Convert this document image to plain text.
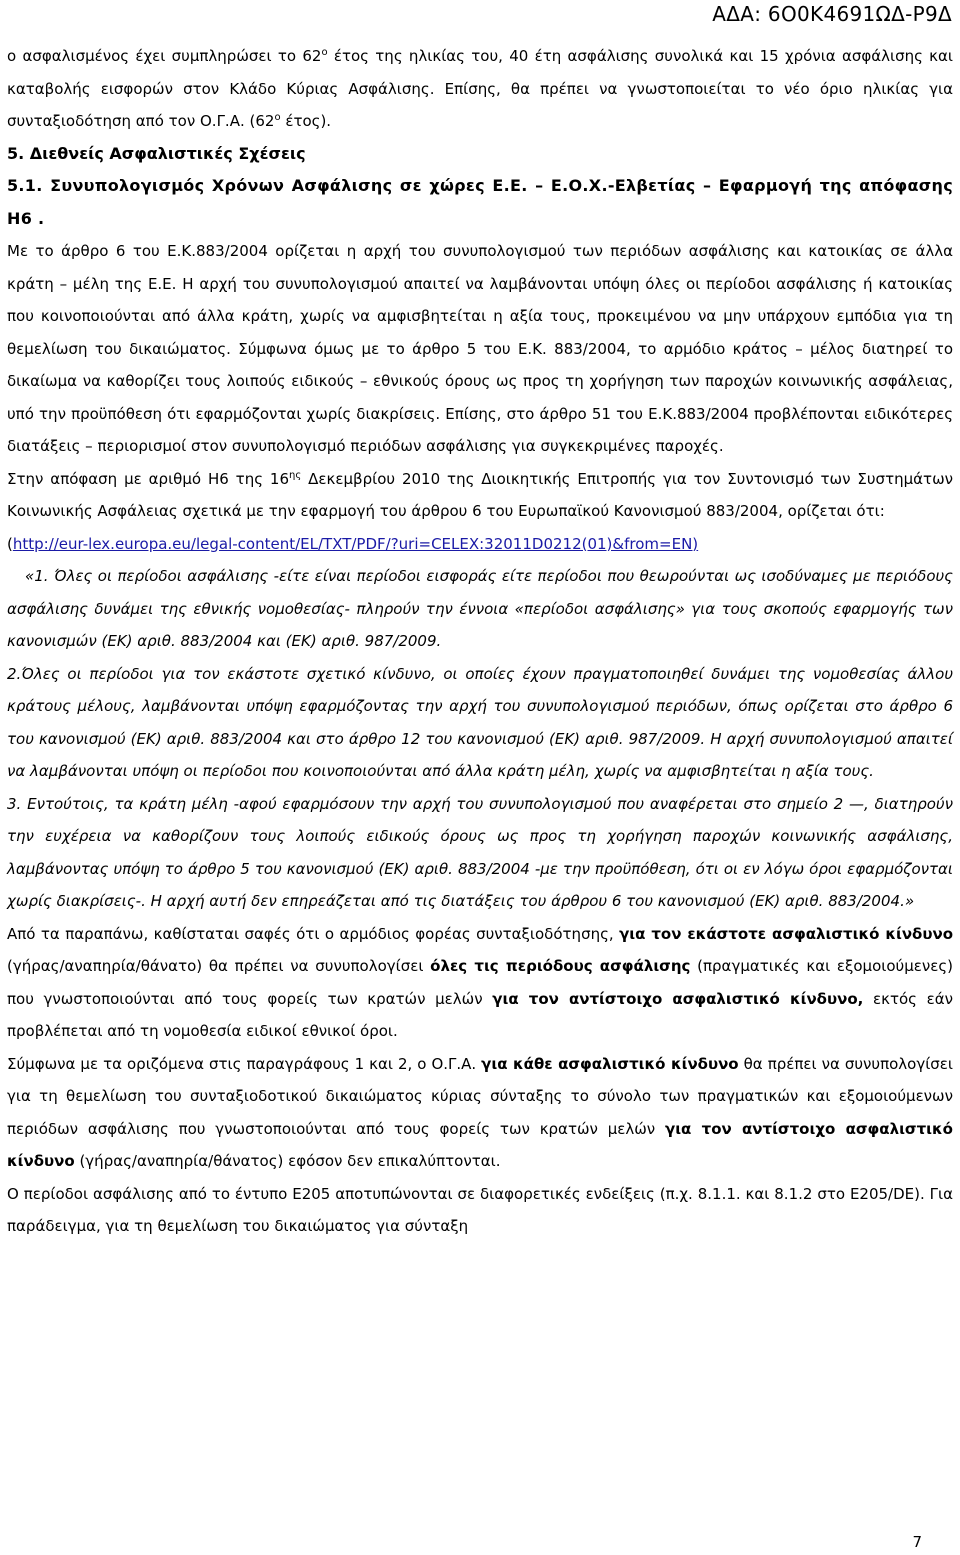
ΑΔΑ: 6Ο0Κ4691ΩΔ-Ρ9Δ

ο ασφαλισμένος έχει συμπληρώσει το $62^o$ έτος της ηλικίας του, 40 έτη ασφάλισης συνολικά και 15 χρόνια ασφάλισης και καταβολής εισφορών στον Κλάδο Κύριας Ασφάλισης. Επίσης, θα πρέπει να γνωστοποιείται το νέο όριο ηλικίας για συνταξιοδότηση από τον Ο.Γ.Α. ($62^o$ έτος).

5. Διεθνείς Ασφαλιστικές Σχέσεις

5.1. Συνυπολογισμός Χρόνων Ασφάλισης σε χώρες Ε.Ε. – Ε.Ο.Χ.-Ελβετίας – Εφαρμογή της απόφασης Η6 .

Με το άρθρο 6 του Ε.Κ.883/2004 ορίζεται η αρχή του συνυπολογισμού των περιόδων ασφάλισης και κατοικίας σε άλλα κράτη – μέλη της Ε.Ε. Η αρχή του συνυπολογισμού απαιτεί να λαμβάνονται υπόψη όλες οι περίοδοι ασφάλισης ή κατοικίας που κοινοποιούνται από άλλα κράτη, χωρίς να αμφισβητείται η αξία τους, προκειμένου να μην υπάρχουν εμπόδια για τη θεμελίωση του δικαιώματος. Σύμφωνα όμως με το άρθρο 5 του Ε.Κ. 883/2004, το αρμόδιο κράτος – μέλος διατηρεί το δικαίωμα να καθορίζει τους λοιπούς ειδικούς – εθνικούς όρους ως προς τη χορήγηση των παροχών κοινωνικής ασφάλειας, υπό την προϋπόθεση ότι εφαρμόζονται χωρίς διακρίσεις. Επίσης, στο άρθρο 51 του Ε.Κ.883/2004 προβλέπονται ειδικότερες διατάξεις – περιορισμοί στον συνυπολογισμό περιόδων ασφάλισης για συγκεκριμένες παροχές.

Στην απόφαση με αριθμό Η6 της $16^{\eta\varsigma}$ Δεκεμβρίου 2010 της Διοικητικής Επιτροπής για τον Συντονισμό των Συστημάτων Κοινωνικής Ασφάλειας σχετικά με την εφαρμογή του άρθρου 6 του Ευρωπαϊκού Κανονισμού 883/2004, ορίζεται ότι:

(http://eur-lex.europa.eu/legal-content/EL/TXT/PDF/?uri=CELEX:32011D0212(01)&from=EN)

«1. Όλες οι περίοδοι ασφάλισης -είτε είναι περίοδοι εισφοράς είτε περίοδοι που θεωρούνται ως ισοδύναμες με περιόδους ασφάλισης δυνάμει της εθνικής νομοθεσίας- πληρούν την έννοια «περίοδοι ασφάλισης» για τους σκοπούς εφαρμογής των κανονισμών (ΕΚ) αριθ. 883/2004 και (ΕΚ) αριθ. 987/2009.

2.Όλες οι περίοδοι για τον εκάστοτε σχετικό κίνδυνο, οι οποίες έχουν πραγματοποιηθεί δυνάμει της νομοθεσίας άλλου κράτους μέλους, λαμβάνονται υπόψη εφαρμόζοντας την αρχή του συνυπολογισμού περιόδων, όπως ορίζεται στο άρθρο 6 του κανονισμού (ΕΚ) αριθ. 883/2004 και στο άρθρο 12 του κανονισμού (ΕΚ) αριθ. 987/2009. Η αρχή συνυπολογισμού απαιτεί να λαμβάνονται υπόψη οι περίοδοι που κοινοποιούνται από άλλα κράτη μέλη, χωρίς να αμφισβητείται η αξία τους.

3. Εντούτοις, τα κράτη μέλη -αφού εφαρμόσουν την αρχή του συνυπολογισμού που αναφέρεται στο σημείο 2 —, διατηρούν την ευχέρεια να καθορίζουν τους λοιπούς ειδικούς όρους ως προς τη χορήγηση παροχών κοινωνικής ασφάλισης, λαμβάνοντας υπόψη το άρθρο 5 του κανονισμού (ΕΚ) αριθ. 883/2004 -με την προϋπόθεση, ότι οι εν λόγω όροι εφαρμόζονται χωρίς διακρίσεις-. Η αρχή αυτή δεν επηρεάζεται από τις διατάξεις του άρθρου 6 του κανονισμού (ΕΚ) αριθ. 883/2004.»

Από τα παραπάνω, καθίσταται σαφές ότι ο αρμόδιος φορέας συνταξιοδότησης, για τον εκάστοτε ασφαλιστικό κίνδυνο (γήρας/αναπηρία/θάνατο) θα πρέπει να συνυπολογίσει όλες τις περιόδους ασφάλισης (πραγματικές και εξομοιούμενες) που γνωστοποιούνται από τους φορείς των κρατών μελών για τον αντίστοιχο ασφαλιστικό κίνδυνο, εκτός εάν προβλέπεται από τη νομοθεσία ειδικοί εθνικοί όροι.

Σύμφωνα με τα οριζόμενα στις παραγράφους 1 και 2, ο Ο.Γ.Α. για κάθε ασφαλιστικό κίνδυνο θα πρέπει να συνυπολογίσει για τη θεμελίωση του συνταξιοδοτικού δικαιώματος κύριας σύνταξης το σύνολο των πραγματικών και εξομοιούμενων περιόδων ασφάλισης που γνωστοποιούνται από τους φορείς των κρατών μελών για τον αντίστοιχο ασφαλιστικό κίνδυνο (γήρας/αναπηρία/θάνατος) εφόσον δεν επικαλύπτονται.

Ο περίοδοι ασφάλισης από το έντυπο Ε205 αποτυπώνονται σε διαφορετικές ενδείξεις (π.χ. 8.1.1. και 8.1.2 στο Ε205/DE). Για παράδειγμα, για τη θεμελίωση του δικαιώματος για σύνταξη

7
